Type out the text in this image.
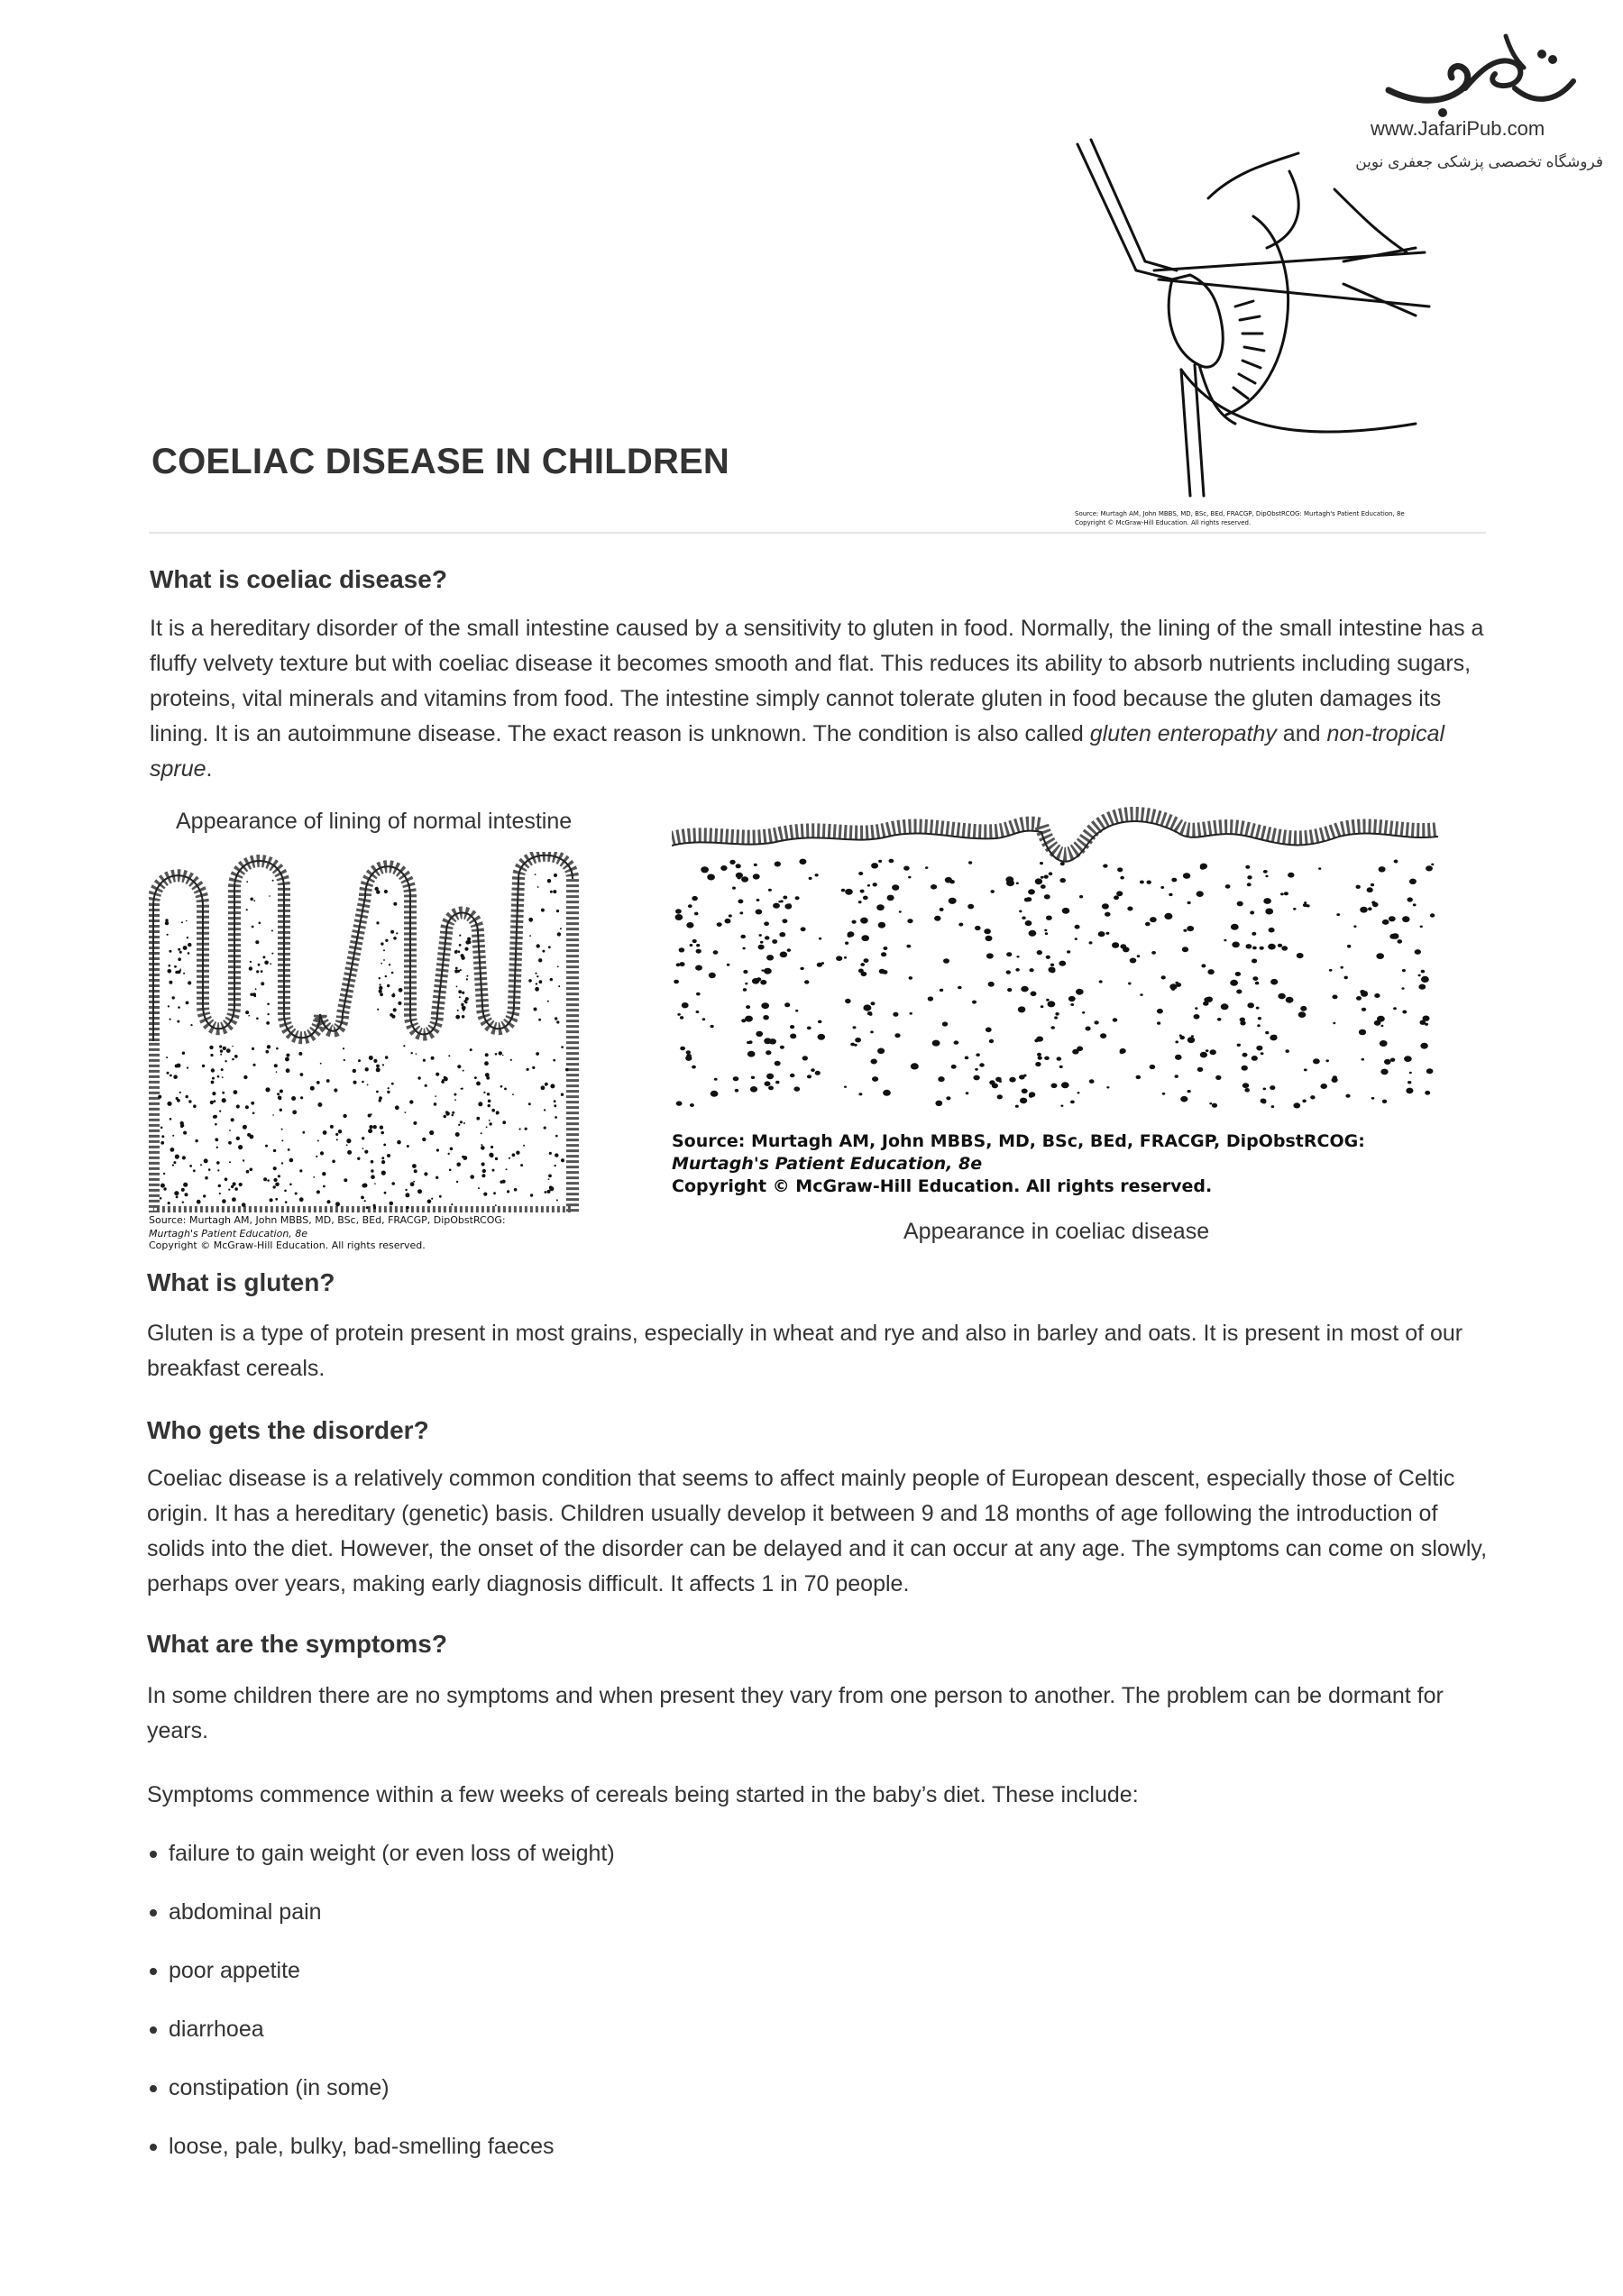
www.JafariPub.com
فروشگاه تخصصی پزشکی جعفری نوین
Source: Murtagh AM, John MBBS, MD, BSc, BEd, FRACGP, DipObstRCOG: Murtagh's Patient Education, 8e
Copyright © McGraw-Hill Education. All rights reserved.
COELIAC DISEASE IN CHILDREN
What is coeliac disease?
It is a hereditary disorder of the small intestine caused by a sensitivity to gluten in food. Normally, the lining of the small intestine has a fluffy velvety texture but with coeliac disease it becomes smooth and flat. This reduces its ability to absorb nutrients including sugars, proteins, vital minerals and vitamins from food. The intestine simply cannot tolerate gluten in food because the gluten damages its lining. It is an autoimmune disease. The exact reason is unknown. The condition is also called gluten enteropathy and non-tropical sprue.
Appearance of lining of normal intestine
Source: Murtagh AM, John MBBS, MD, BSc, BEd, FRACGP, DipObstRCOG:
Murtagh's Patient Education, 8e
Copyright © McGraw-Hill Education. All rights reserved.
Source: Murtagh AM, John MBBS, MD, BSc, BEd, FRACGP, DipObstRCOG:
Murtagh's Patient Education, 8e
Copyright © McGraw-Hill Education. All rights reserved.
Appearance in coeliac disease
What is gluten?
Gluten is a type of protein present in most grains, especially in wheat and rye and also in barley and oats. It is present in most of our breakfast cereals.
Who gets the disorder?
Coeliac disease is a relatively common condition that seems to affect mainly people of European descent, especially those of Celtic origin. It has a hereditary (genetic) basis. Children usually develop it between 9 and 18 months of age following the introduction of solids into the diet. However, the onset of the disorder can be delayed and it can occur at any age. The symptoms can come on slowly, perhaps over years, making early diagnosis difficult. It affects 1 in 70 people.
What are the symptoms?
In some children there are no symptoms and when present they vary from one person to another. The problem can be dormant for years.
Symptoms commence within a few weeks of cereals being started in the baby’s diet. These include:
failure to gain weight (or even loss of weight)
abdominal pain
poor appetite
diarrhoea
constipation (in some)
loose, pale, bulky, bad-smelling faeces
